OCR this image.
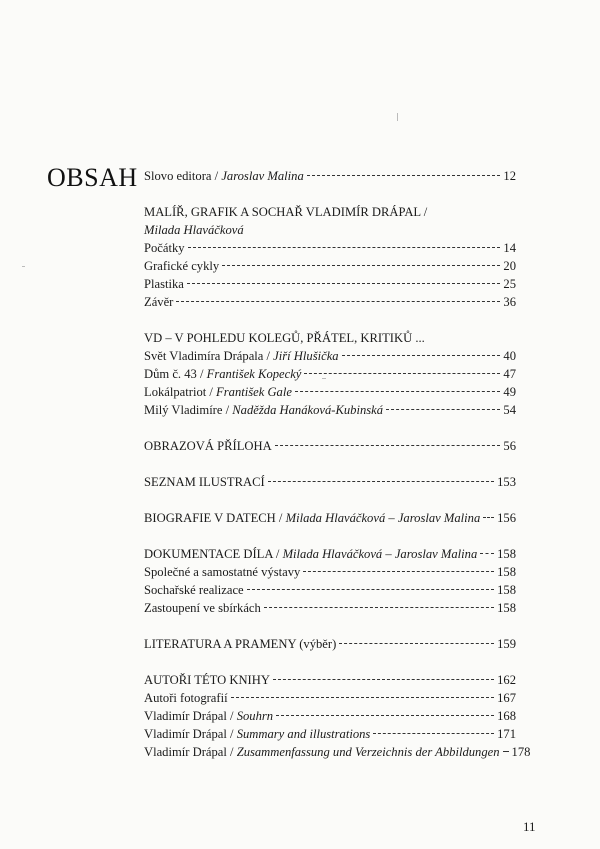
OBSAH Slovo editora / Jaroslav Malina	12
MALÍŘ, GRAFIK A SOCHAŘ VLADIMÍR DRÁPAL /
Milada Hlaváčková
Počátky	14
Grafické cykly	20
Plastika	25
Závěr	36
VD – V POHLEDU KOLEGŮ, PŘÁTEL, KRITIKŮ ...
Svět Vladimíra Drápala / Jiří Hlušička	40
Dům č. 43 / František Kopecký	47
Lokálpatriot / František Gale	49
Milý Vladimíre / Naděžda Hanáková-Kubinská	54
OBRAZOVÁ PŘÍLOHA	56
SEZNAM ILUSTRACÍ	153
BIOGRAFIE V DATECH / Milada Hlaváčková – Jaroslav Malina 156
DOKUMENTACE DÍLA / Milada Hlaváčková – Jaroslav Malina 158
Společné a samostatné výstavy	158
Sochařské realizace	158
Zastoupení ve sbírkách	158
LITERATURA A PRAMENY (výběr)	159
AUTOŘI TÉTO KNIHY	162
Autoři fotografií	167
Vladimír Drápal / Souhrn	168
Vladimír Drápal / Summary and illustrations	171
Vladimír Drápal / Zusammenfassung und Verzeichnis der Abbildungen 178
11
